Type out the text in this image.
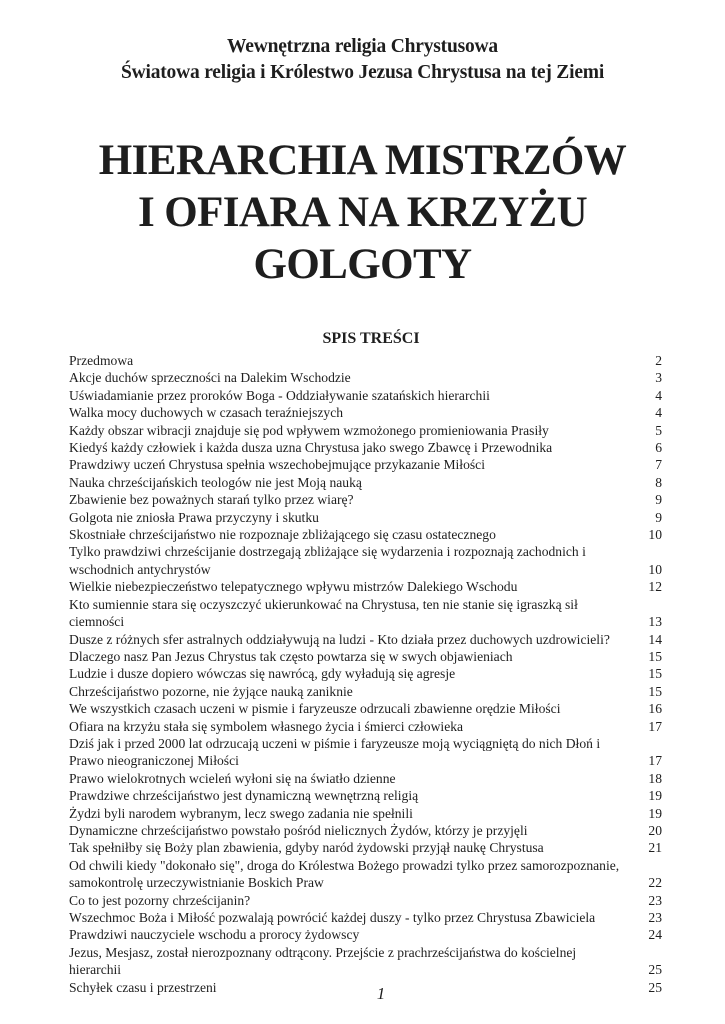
Wewnętrzna religia Chrystusowa
Światowa religia i Królestwo Jezusa Chrystusa na tej Ziemi
HIERARCHIA MISTRZÓW
I OFIARA NA KRZYŻU
GOLGOTY
SPIS TREŚCI
Przedmowa	2
Akcje duchów sprzeczności na Dalekim Wschodzie	3
Uświadamianie przez proroków Boga - Oddziaływanie szatańskich hierarchii	4
Walka mocy duchowych w czasach teraźniejszych	4
Każdy obszar wibracji znajduje się pod wpływem wzmożonego promieniowania Prasiły	5
Kiedyś każdy człowiek i każda dusza uzna Chrystusa jako swego Zbawcę i Przewodnika	6
Prawdziwy uczeń Chrystusa spełnia wszechobejmujące przykazanie Miłości	7
Nauka chrześcijańskich teologów nie jest Moją nauką	8
Zbawienie bez poważnych starań tylko przez wiarę?	9
Golgota nie zniosła Prawa przyczyny i skutku	9
Skostniałe chrześcijaństwo nie rozpoznaje zbliżającego się czasu ostatecznego	10
Tylko prawdziwi chrześcijanie dostrzegają zbliżające się wydarzenia i rozpoznają zachodnich i wschodnich antychrystów	10
Wielkie niebezpieczeństwo telepatycznego wpływu mistrzów Dalekiego Wschodu	12
Kto sumiennie stara się oczyszczyć ukierunkować na Chrystusa, ten nie stanie się igraszką sił ciemności	13
Dusze z różnych sfer astralnych oddziaływują na ludzi - Kto działa przez duchowych uzdrowicieli?	14
Dlaczego nasz Pan Jezus Chrystus tak często powtarza się w swych objawieniach	15
Ludzie i dusze dopiero wówczas się nawrócą, gdy wyładują się agresje	15
Chrześcijaństwo pozorne, nie żyjące nauką zaniknie	15
We wszystkich czasach uczeni w pismie i faryzeusze odrzucali zbawienne orędzie Miłości	16
Ofiara na krzyżu stała się symbolem własnego życia i śmierci człowieka	17
Dziś jak i przed 2000 lat odrzucają uczeni w piśmie i faryzeusze moją wyciągniętą do nich Dłoń i Prawo nieograniczonej Miłości	17
Prawo wielokrotnych wcieleń wyłoni się na światło dzienne	18
Prawdziwe chrześcijaństwo jest dynamiczną wewnętrzną religią	19
Żydzi byli narodem wybranym, lecz swego zadania nie spełnili	19
Dynamiczne chrześcijaństwo powstało pośród nielicznych Żydów, którzy je przyjęli	20
Tak spełniłby się Boży plan zbawienia, gdyby naród żydowski przyjął naukę Chrystusa	21
Od chwili kiedy "dokonało się", droga do Królestwa Bożego prowadzi tylko przez samorozpoznanie, samokontrolę urzeczywistnianie Boskich Praw	22
Co to jest pozorny chrześcijanin?	23
Wszechmoc Boża i Miłość pozwalają powrócić każdej duszy - tylko przez Chrystusa Zbawiciela	23
Prawdziwi nauczyciele wschodu a prorocy żydowscy	24
Jezus, Mesjasz, został nierozpoznany odtrącony. Przejście z prachrześcijaństwa do kościelnej hierarchii	25
Schyłek czasu i przestrzeni	25
1
